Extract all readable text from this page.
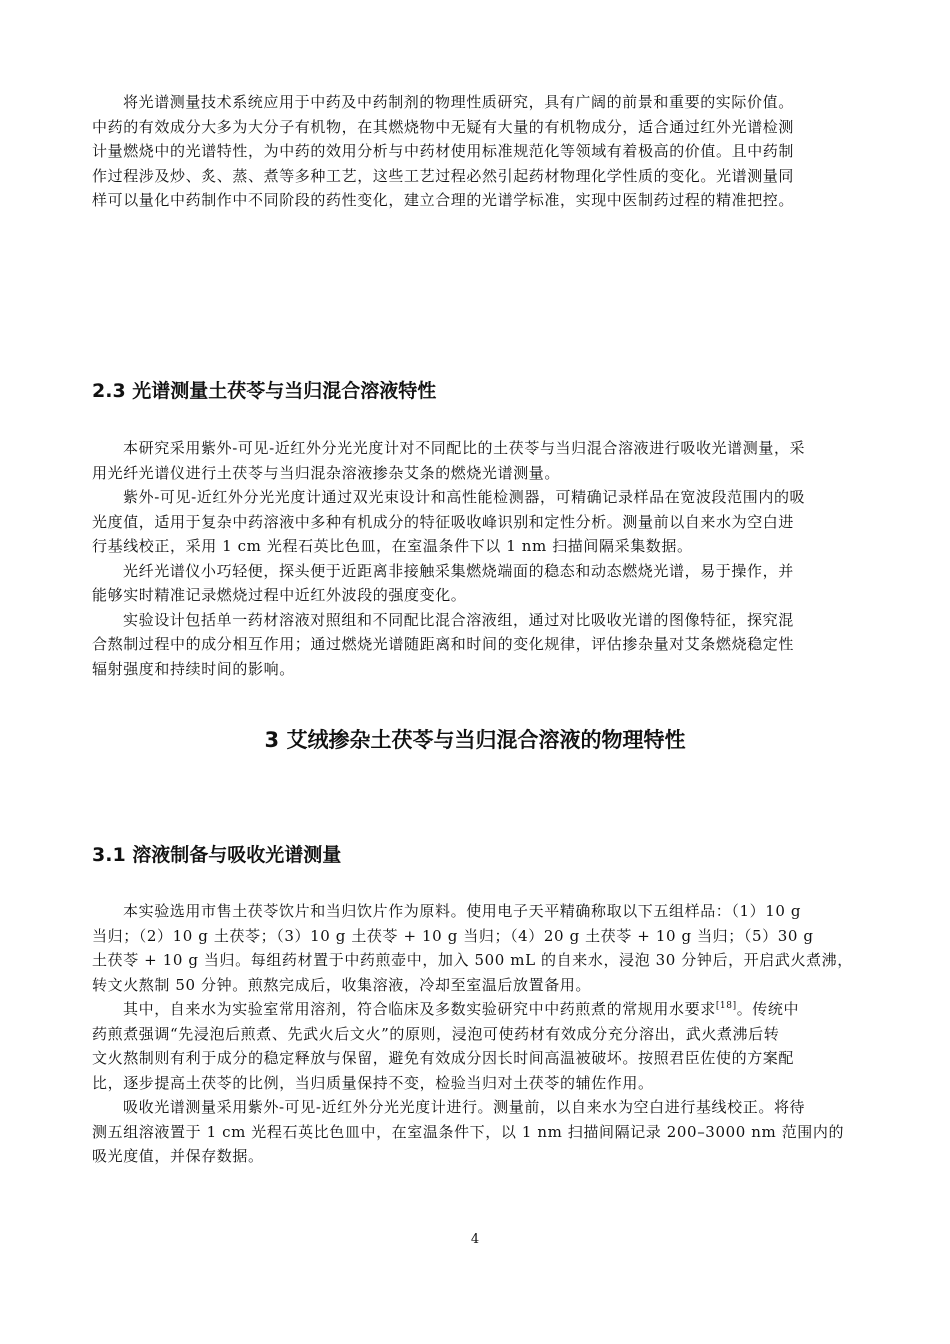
将光谱测量技术系统应用于中药及中药制剂的物理性质研究，具有广阔的前景和重要的实际价值。
中药的有效成分大多为大分子有机物，在其燃烧物中无疑有大量的有机物成分，适合通过红外光谱检测
计量燃烧中的光谱特性，为中药的效用分析与中药材使用标准规范化等领域有着极高的价值。且中药制
作过程涉及炒、炙、蒸、煮等多种工艺，这些工艺过程必然引起药材物理化学性质的变化。光谱测量同
样可以量化中药制作中不同阶段的药性变化，建立合理的光谱学标准，实现中医制药过程的精准把控。
2.3 光谱测量土茯苓与当归混合溶液特性
本研究采用紫外-可见-近红外分光光度计对不同配比的土茯苓与当归混合溶液进行吸收光谱测量，采
用光纤光谱仪进行土茯苓与当归混杂溶液掺杂艾条的燃烧光谱测量。
紫外-可见-近红外分光光度计通过双光束设计和高性能检测器，可精确记录样品在宽波段范围内的吸
光度值，适用于复杂中药溶液中多种有机成分的特征吸收峰识别和定性分析。测量前以自来水为空白进
行基线校正，采用 1 cm 光程石英比色皿，在室温条件下以 1 nm 扫描间隔采集数据。
光纤光谱仪小巧轻便，探头便于近距离非接触采集燃烧端面的稳态和动态燃烧光谱，易于操作，并
能够实时精准记录燃烧过程中近红外波段的强度变化。
实验设计包括单一药材溶液对照组和不同配比混合溶液组，通过对比吸收光谱的图像特征，探究混
合熬制过程中的成分相互作用；通过燃烧光谱随距离和时间的变化规律，评估掺杂量对艾条燃烧稳定性
辐射强度和持续时间的影响。
3 艾绒掺杂土茯苓与当归混合溶液的物理特性
3.1 溶液制备与吸收光谱测量
本实验选用市售土茯苓饮片和当归饮片作为原料。使用电子天平精确称取以下五组样品：（1）10 g
当归；（2）10 g 土茯苓；（3）10 g 土茯苓 + 10 g 当归；（4）20 g 土茯苓 + 10 g 当归；（5）30 g
土茯苓 + 10 g 当归。每组药材置于中药煎壶中，加入 500 mL 的自来水，浸泡 30 分钟后，开启武火煮沸，
转文火熬制 50 分钟。煎熬完成后，收集溶液，冷却至室温后放置备用。
其中，自来水为实验室常用溶剂，符合临床及多数实验研究中中药煎煮的常规用水要求[18]。传统中
药煎煮强调“先浸泡后煎煮、先武火后文火”的原则，浸泡可使药材有效成分充分溶出，武火煮沸后转
文火熬制则有利于成分的稳定释放与保留，避免有效成分因长时间高温被破坏。按照君臣佐使的方案配
比，逐步提高土茯苓的比例，当归质量保持不变，检验当归对土茯苓的辅佐作用。
吸收光谱测量采用紫外-可见-近红外分光光度计进行。测量前，以自来水为空白进行基线校正。将待
测五组溶液置于 1 cm 光程石英比色皿中，在室温条件下，以 1 nm 扫描间隔记录 200–3000 nm 范围内的
吸光度值，并保存数据。
4
